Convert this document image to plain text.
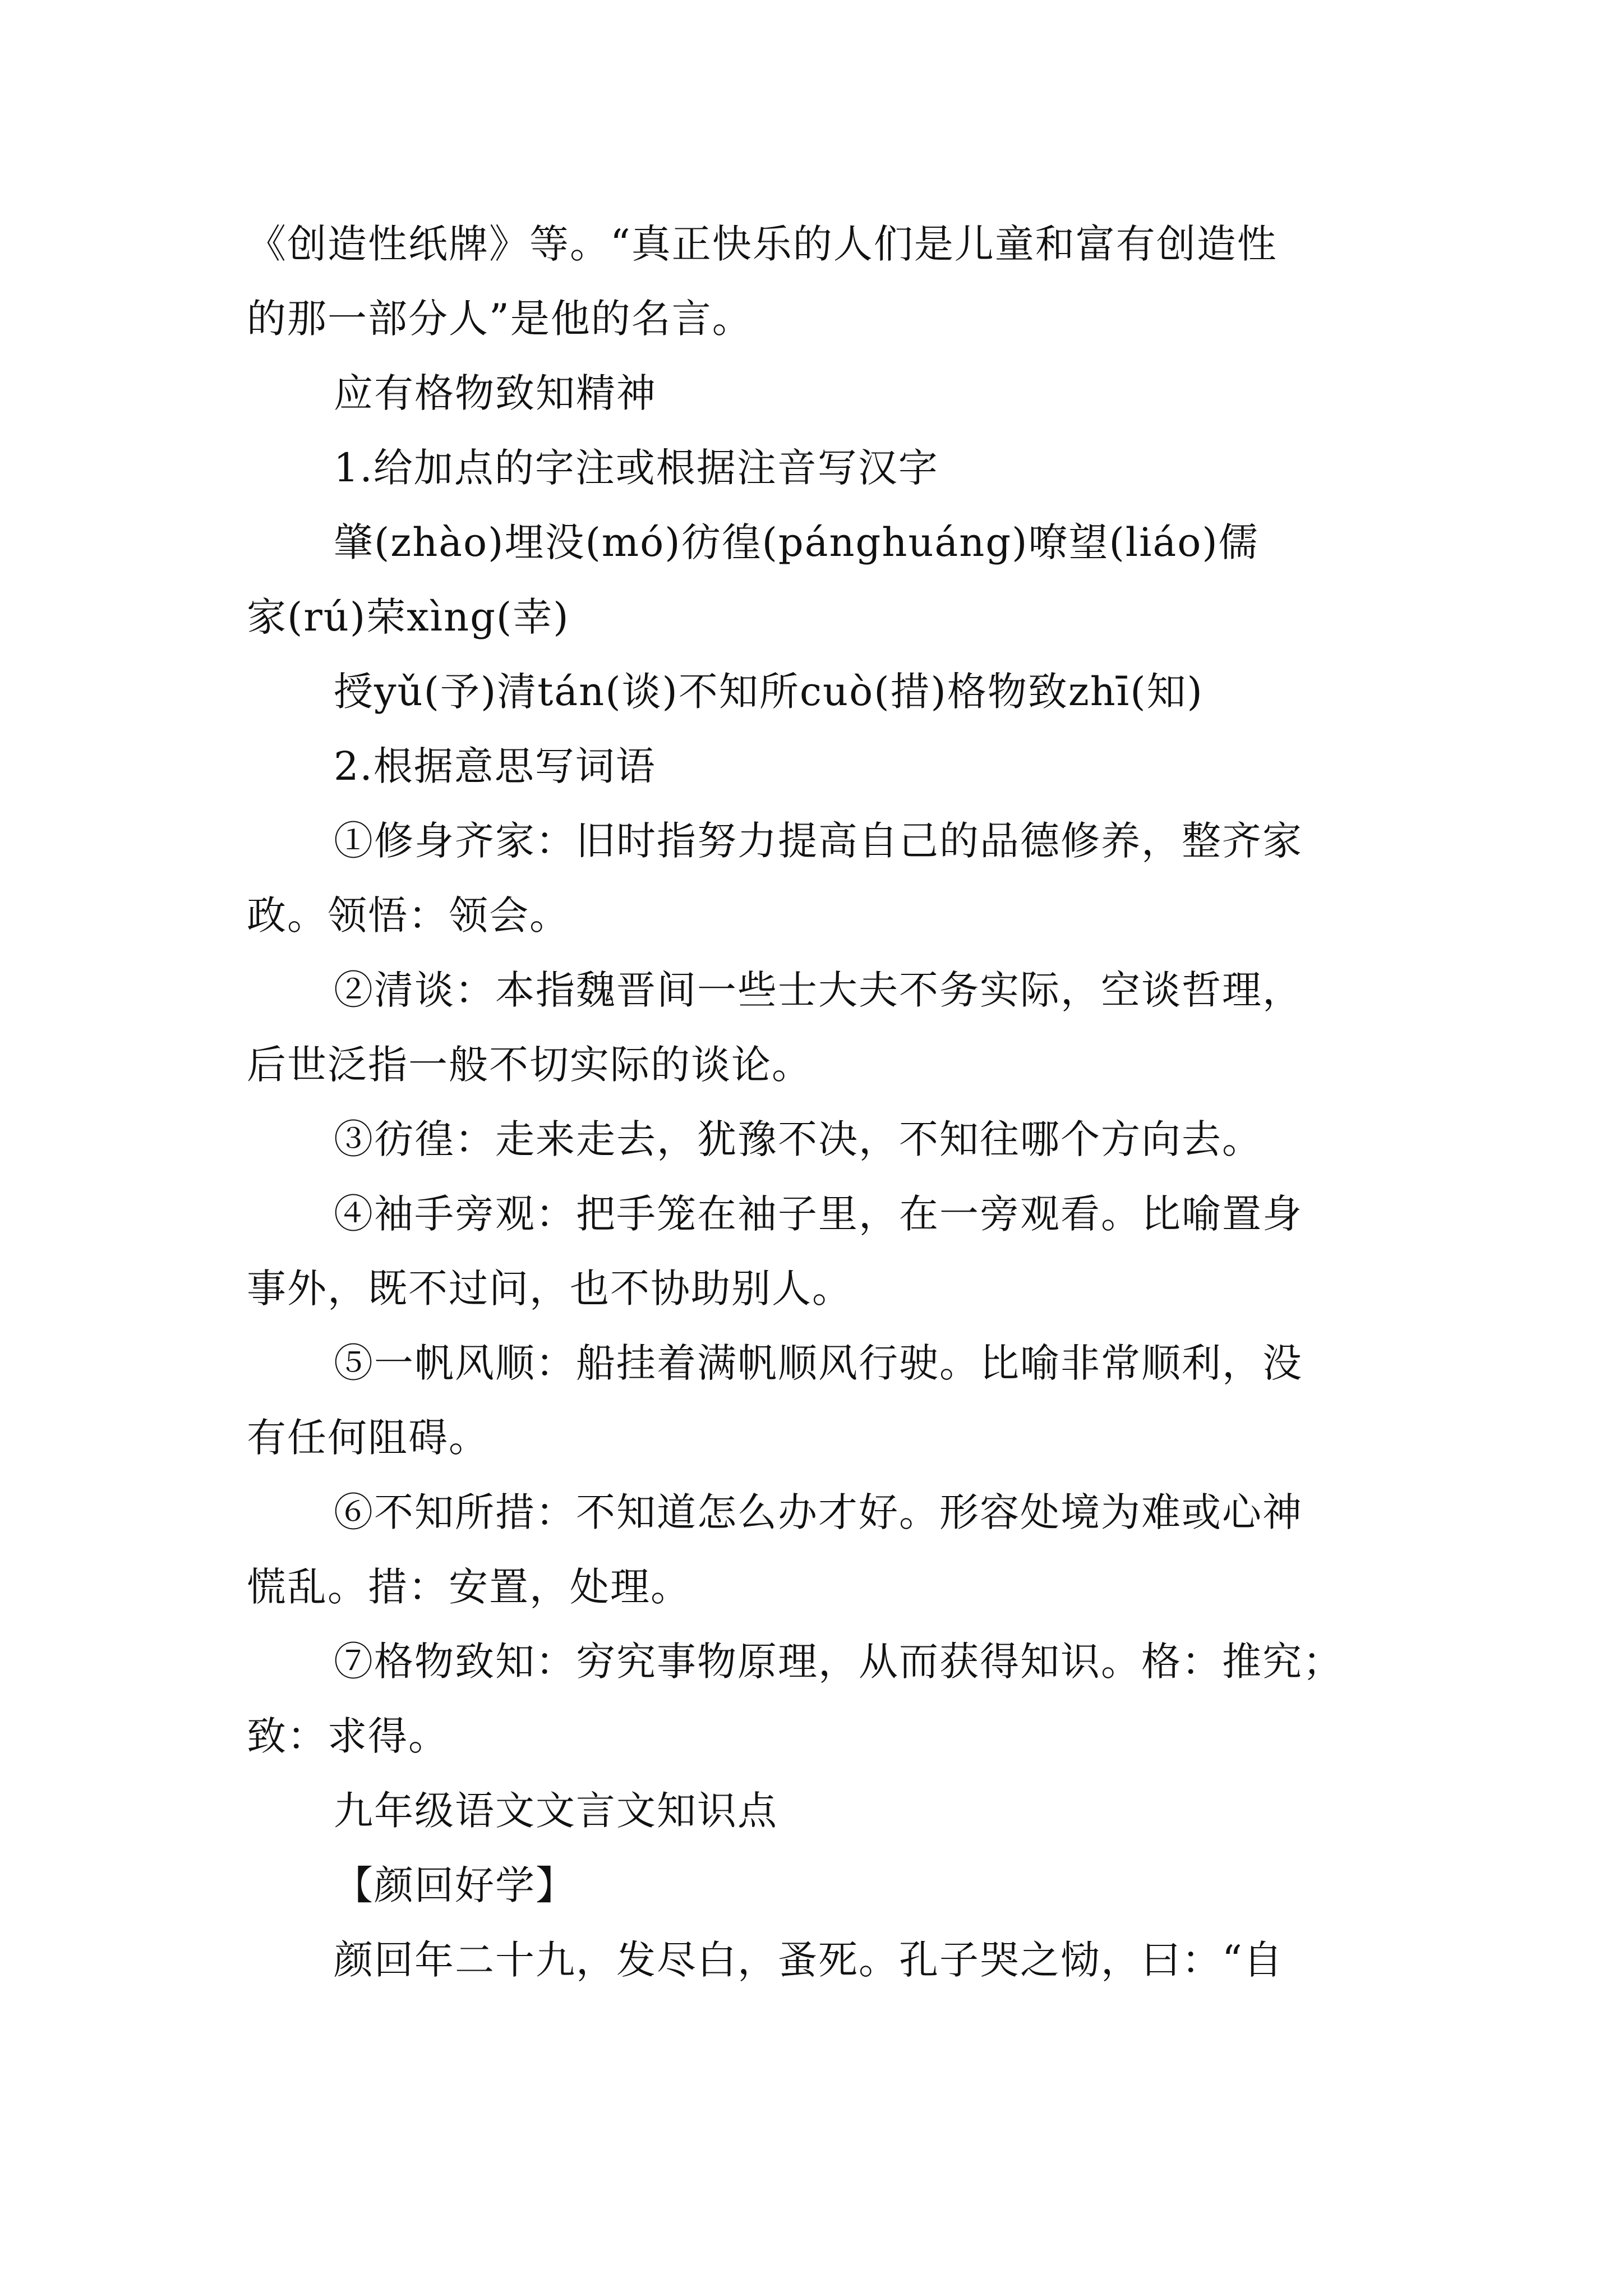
《创造性纸牌》等。“真正快乐的人们是儿童和富有创造性
的那一部分人”是他的名言。
应有格物致知精神
1.给加点的字注或根据注音写汉字
肇(zhào)埋没(mó)彷徨(pánghuáng)嘹望(liáo)儒
家(rú)荣xìng(幸)
授yǔ(予)清tán(谈)不知所cuò(措)格物致zhī(知)
2.根据意思写词语
①修身齐家：旧时指努力提高自己的品德修养，整齐家
政。领悟：领会。
②清谈：本指魏晋间一些士大夫不务实际，空谈哲理，
后世泛指一般不切实际的谈论。
③彷徨：走来走去，犹豫不决，不知往哪个方向去。
④袖手旁观：把手笼在袖子里，在一旁观看。比喻置身
事外，既不过问，也不协助别人。
⑤一帆风顺：船挂着满帆顺风行驶。比喻非常顺利，没
有任何阻碍。
⑥不知所措：不知道怎么办才好。形容处境为难或心神
慌乱。措：安置，处理。
⑦格物致知：穷究事物原理，从而获得知识。格：推究；
致：求得。
九年级语文文言文知识点
【颜回好学】
颜回年二十九，发尽白，蚤死。孔子哭之恸，曰：“自
